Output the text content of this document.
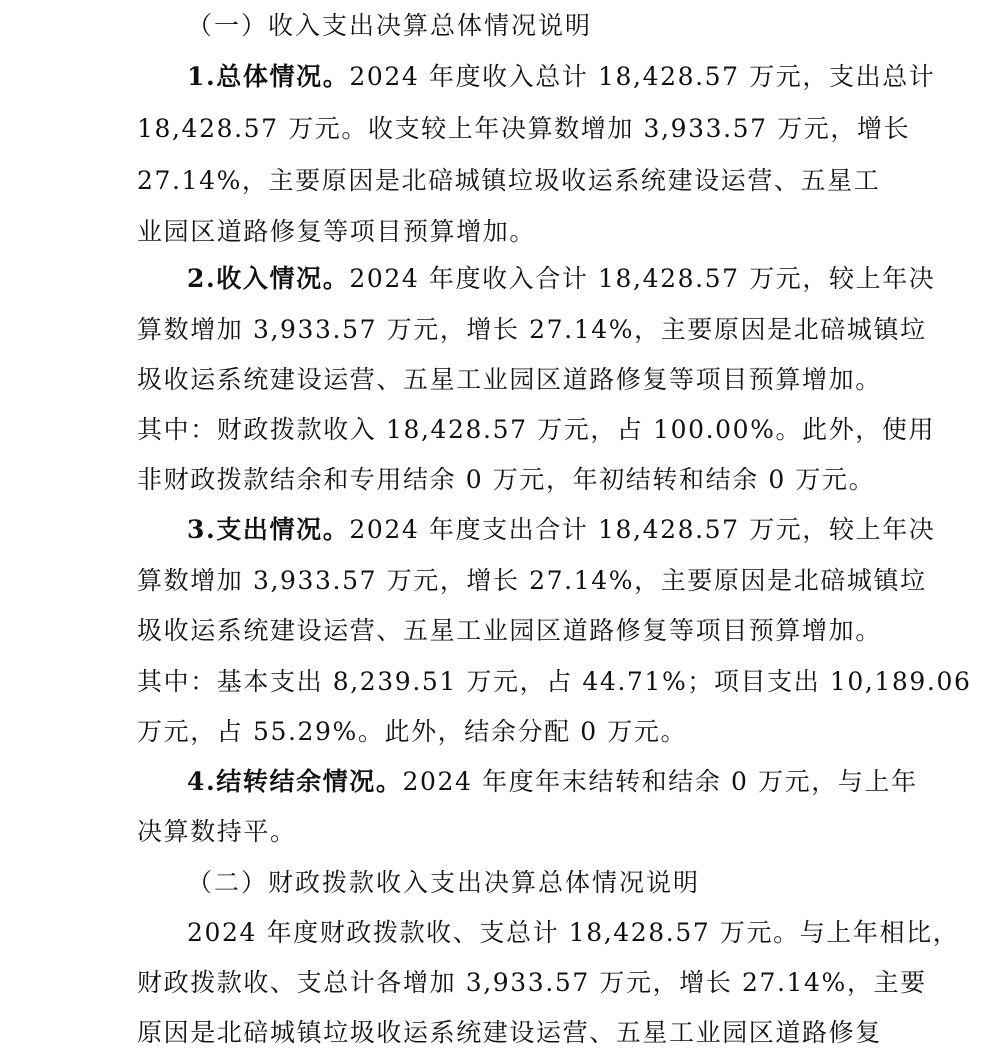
（一）收入支出决算总体情况说明
1.总体情况。2024 年度收入总计 18,428.57 万元，支出总计
18,428.57 万元。收支较上年决算数增加 3,933.57 万元，增长
27.14%，主要原因是北碚城镇垃圾收运系统建设运营、五星工
业园区道路修复等项目预算增加。
2.收入情况。2024 年度收入合计 18,428.57 万元，较上年决
算数增加 3,933.57 万元，增长 27.14%，主要原因是北碚城镇垃
圾收运系统建设运营、五星工业园区道路修复等项目预算增加。
其中：财政拨款收入 18,428.57 万元，占 100.00%。此外，使用
非财政拨款结余和专用结余 0 万元，年初结转和结余 0 万元。
3.支出情况。2024 年度支出合计 18,428.57 万元，较上年决
算数增加 3,933.57 万元，增长 27.14%，主要原因是北碚城镇垃
圾收运系统建设运营、五星工业园区道路修复等项目预算增加。
其中：基本支出 8,239.51 万元，占 44.71%；项目支出 10,189.06
万元，占 55.29%。此外，结余分配 0 万元。
4.结转结余情况。2024 年度年末结转和结余 0 万元，与上年
决算数持平。
（二）财政拨款收入支出决算总体情况说明
2024 年度财政拨款收、支总计 18,428.57 万元。与上年相比，
财政拨款收、支总计各增加 3,933.57 万元，增长 27.14%，主要
原因是北碚城镇垃圾收运系统建设运营、五星工业园区道路修复
